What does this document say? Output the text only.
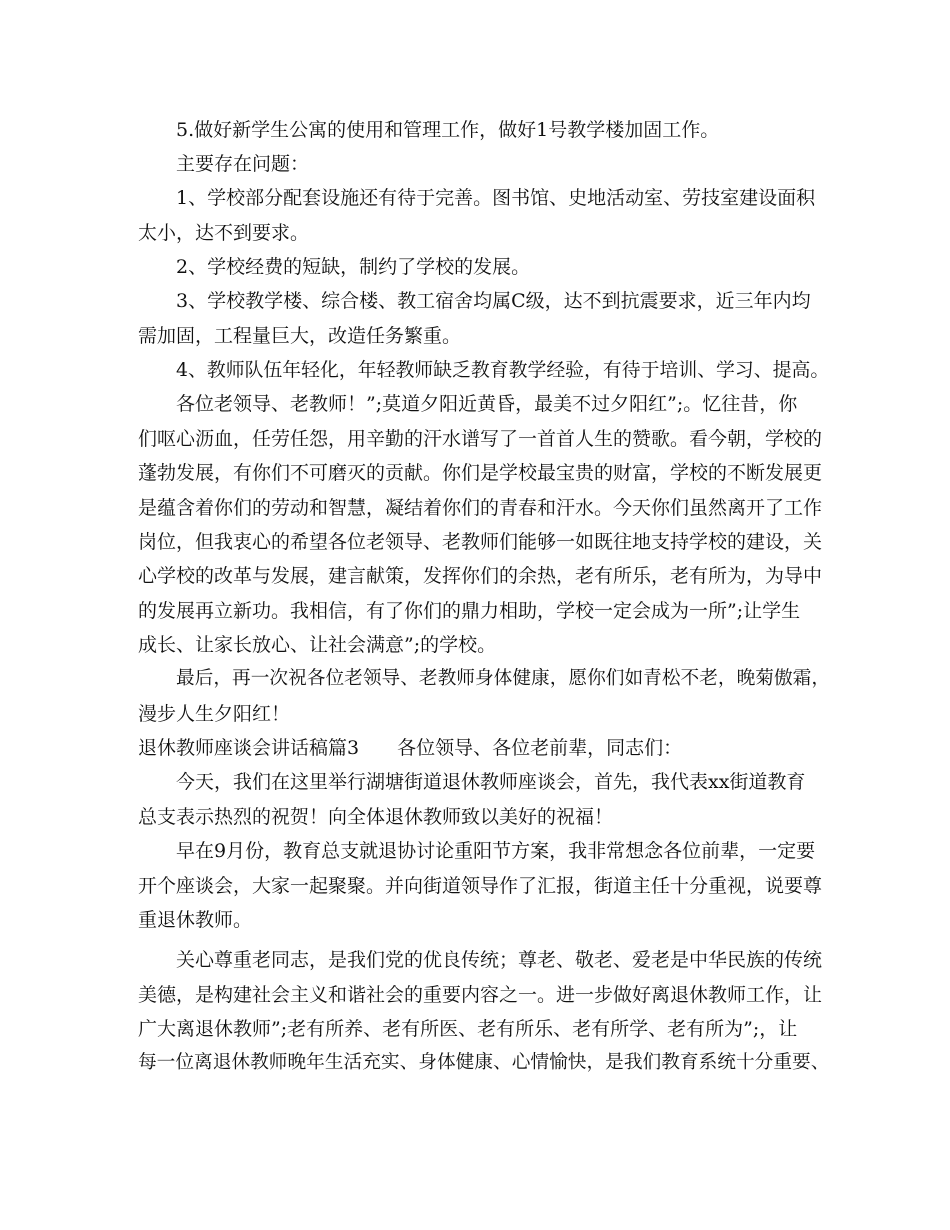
5.做好新学生公寓的使用和管理工作，做好1号教学楼加固工作。
主要存在问题：
1、学校部分配套设施还有待于完善。图书馆、史地活动室、劳技室建设面积
太小，达不到要求。
2、学校经费的短缺，制约了学校的发展。
3、学校教学楼、综合楼、教工宿舍均属C级，达不到抗震要求，近三年内均
需加固，工程量巨大，改造任务繁重。
4、教师队伍年轻化，年轻教师缺乏教育教学经验，有待于培训、学习、提高。
各位老领导、老教师！”;莫道夕阳近黄昏，最美不过夕阳红”;。忆往昔，你
们呕心沥血，任劳任怨，用辛勤的汗水谱写了一首首人生的赞歌。看今朝，学校的
蓬勃发展，有你们不可磨灭的贡献。你们是学校最宝贵的财富，学校的不断发展更
是蕴含着你们的劳动和智慧，凝结着你们的青春和汗水。今天你们虽然离开了工作
岗位，但我衷心的希望各位老领导、老教师们能够一如既往地支持学校的建设，关
心学校的改革与发展，建言献策，发挥你们的余热，老有所乐，老有所为，为导中
的发展再立新功。我相信，有了你们的鼎力相助，学校一定会成为一所”;让学生
成长、让家长放心、让社会满意”;的学校。
最后，再一次祝各位老领导、老教师身体健康，愿你们如青松不老，晚菊傲霜，
漫步人生夕阳红！
退休教师座谈会讲话稿篇3　　各位领导、各位老前辈，同志们：
今天，我们在这里举行湖塘街道退休教师座谈会，首先，我代表xx街道教育
总支表示热烈的祝贺！向全体退休教师致以美好的祝福！
早在9月份，教育总支就退协讨论重阳节方案，我非常想念各位前辈，一定要
开个座谈会，大家一起聚聚。并向街道领导作了汇报，街道主任十分重视，说要尊
重退休教师。
关心尊重老同志，是我们党的优良传统；尊老、敬老、爱老是中华民族的传统
美德，是构建社会主义和谐社会的重要内容之一。进一步做好离退休教师工作，让
广大离退休教师”;老有所养、老有所医、老有所乐、老有所学、老有所为”;，让
每一位离退休教师晚年生活充实、身体健康、心情愉快，是我们教育系统十分重要、
